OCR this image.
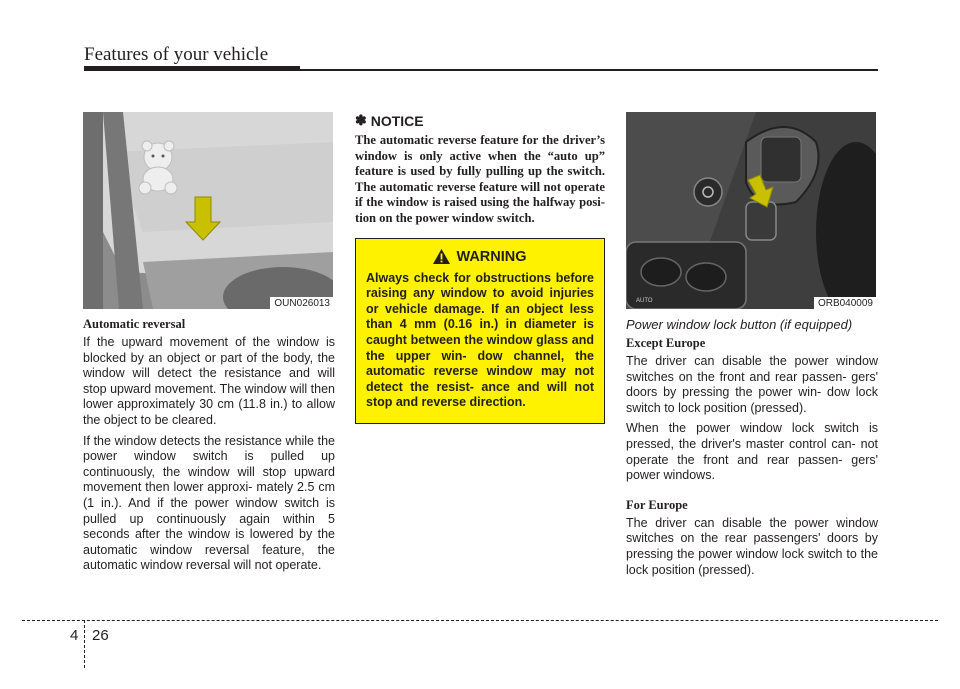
Features of your vehicle
OUN026013
Automatic reversal

If the upward movement of the window is blocked by an object or part of the body, the window will detect the resistance and will stop upward movement. The window will then lower approximately 30 cm (11.8 in.) to allow the object to be cleared.

If the window detects the resistance while the power window switch is pulled up continuously, the window will stop upward movement then lower approxi- mately 2.5 cm (1 in.). And if the power window switch is pulled up continuously again within 5 seconds after the window is lowered by the automatic window reversal feature, the automatic window reversal will not operate.

✽ NOTICE
The automatic reverse feature for the driver’s window is only active when the “auto up” feature is used by fully pulling up the switch. The automatic reverse feature will not operate if the window is raised using the halfway posi- tion on the power window switch.
WARNING
Always check for obstructions before raising any window to avoid injuries or vehicle damage. If an object less than 4 mm (0.16 in.) in diameter is caught between the window glass and the upper win- dow channel, the automatic reverse window may not detect the resist- ance and will not stop and reverse direction.
AUTO	ORB040009
Power window lock button (if equipped)
Except Europe

The driver can disable the power window switches on the front and rear passen- gers' doors by pressing the power win- dow lock switch to lock position (pressed).

When the power window lock switch is pressed, the driver's master control can- not operate the front and rear passen- gers' power windows.

For Europe

The driver can disable the power window switches on the rear passengers' doors by pressing the power window lock switch to the lock position (pressed).

4 26
